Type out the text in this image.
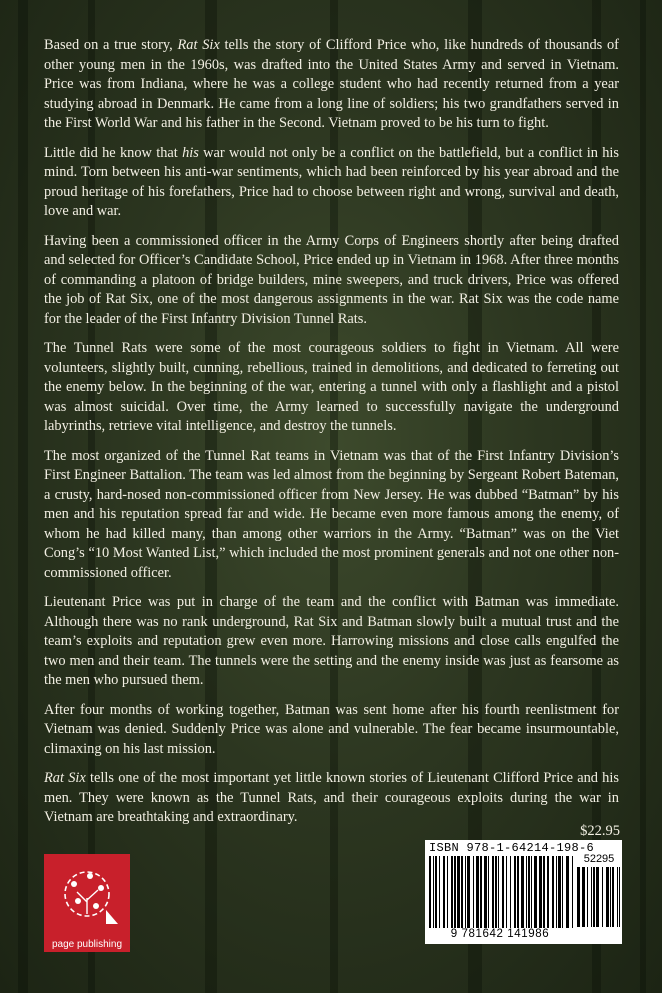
Based on a true story, Rat Six tells the story of Clifford Price who, like hundreds of thousands of other young men in the 1960s, was drafted into the United States Army and served in Vietnam. Price was from Indiana, where he was a college student who had recently returned from a year studying abroad in Denmark. He came from a long line of soldiers; his two grandfathers served in the First World War and his father in the Second. Vietnam proved to be his turn to fight.

Little did he know that his war would not only be a conflict on the battlefield, but a conflict in his mind. Torn between his anti-war sentiments, which had been reinforced by his year abroad and the proud heritage of his forefathers, Price had to choose between right and wrong, survival and death, love and war.

Having been a commissioned officer in the Army Corps of Engineers shortly after being drafted and selected for Officer’s Candidate School, Price ended up in Vietnam in 1968. After three months of commanding a platoon of bridge builders, mine sweepers, and truck drivers, Price was offered the job of Rat Six, one of the most dangerous assignments in the war. Rat Six was the code name for the leader of the First Infantry Division Tunnel Rats.

The Tunnel Rats were some of the most courageous soldiers to fight in Vietnam. All were volunteers, slightly built, cunning, rebellious, trained in demolitions, and dedicated to ferreting out the enemy below. In the beginning of the war, entering a tunnel with only a flashlight and a pistol was almost suicidal. Over time, the Army learned to successfully navigate the underground labyrinths, retrieve vital intelligence, and destroy the tunnels.

The most organized of the Tunnel Rat teams in Vietnam was that of the First Infantry Division’s First Engineer Battalion. The team was led almost from the beginning by Sergeant Robert Bateman, a crusty, hard-nosed non-commissioned officer from New Jersey. He was dubbed “Batman” by his men and his reputation spread far and wide. He became even more famous among the enemy, of whom he had killed many, than among other warriors in the Army. “Batman” was on the Viet Cong’s “10 Most Wanted List,” which included the most prominent generals and not one other non-commissioned officer.

Lieutenant Price was put in charge of the team and the conflict with Batman was immediate. Although there was no rank underground, Rat Six and Batman slowly built a mutual trust and the team’s exploits and reputation grew even more. Harrowing missions and close calls engulfed the two men and their team. The tunnels were the setting and the enemy inside was just as fearsome as the men who pursued them.

After four months of working together, Batman was sent home after his fourth reenlistment for Vietnam was denied. Suddenly Price was alone and vulnerable. The fear became insurmountable, climaxing on his last mission.

Rat Six tells one of the most important yet little known stories of Lieutenant Clifford Price and his men. They were known as the Tunnel Rats, and their courageous exploits during the war in Vietnam are breathtaking and extraordinary.

$22.95
page publishing
ISBN 978-1-64214-198-6
52295
9 781642 141986
